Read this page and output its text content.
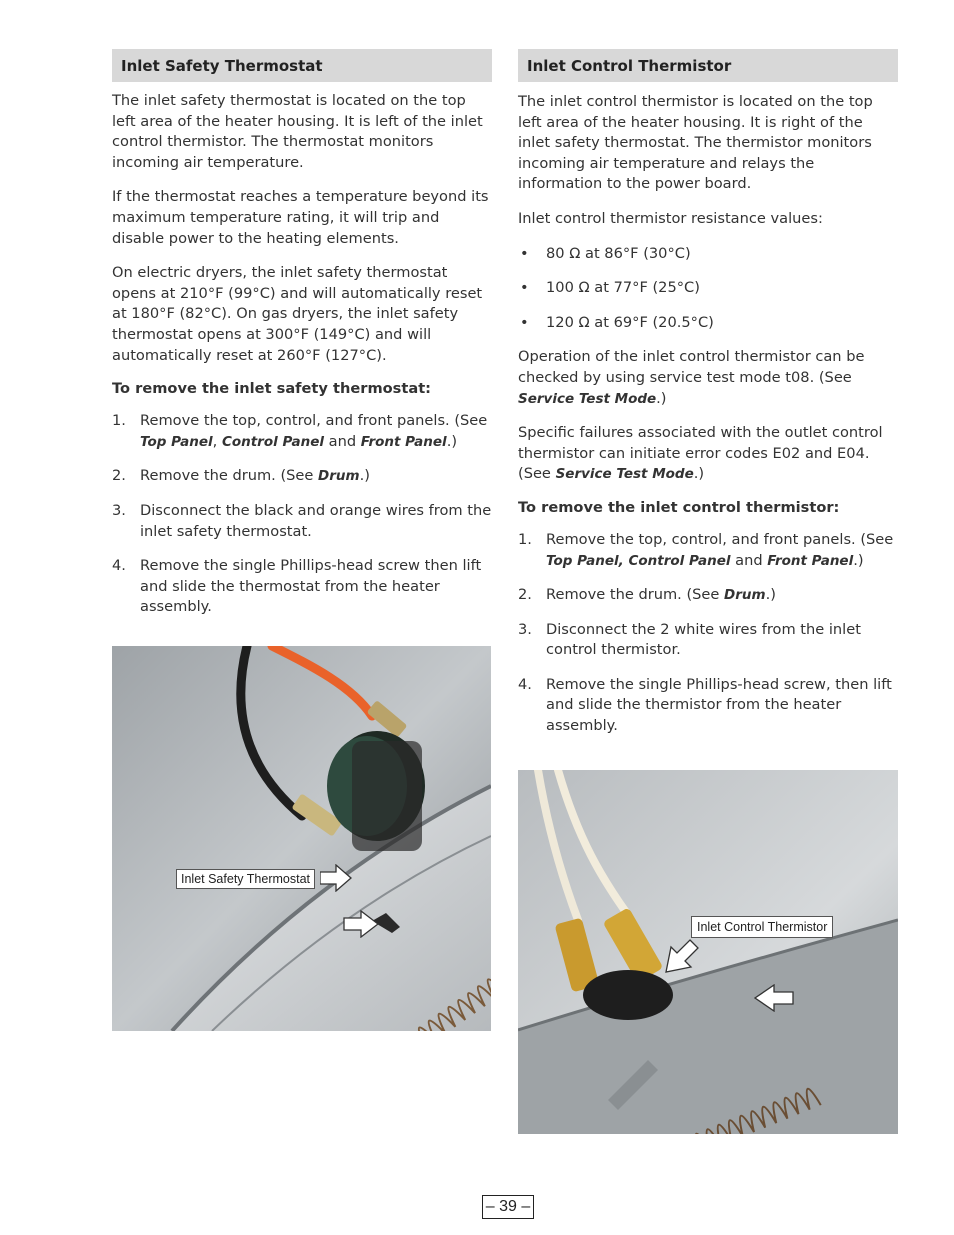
Inlet Safety Thermostat

The inlet safety thermostat is located on the top left area of the heater housing. It is left of the inlet control thermistor. The thermostat monitors incoming air temperature.

If the thermostat reaches a temperature beyond its maximum temperature rating, it will trip and disable power to the heating elements.

On electric dryers, the inlet safety thermostat opens at 210°F (99°C) and will automatically reset at 180°F (82°C). On gas dryers, the inlet safety thermostat opens at 300°F (149°C) and will automatically reset at 260°F (127°C).

To remove the inlet safety thermostat:
1. Remove the top, control, and front panels. (See Top Panel, Control Panel and Front Panel.)
2. Remove the drum. (See Drum.)
3. Disconnect the black and orange wires from the inlet safety thermostat.
4. Remove the single Phillips-head screw then lift and slide the thermostat from the heater assembly.
Inlet Safety Thermostat
Inlet Control Thermistor

The inlet control thermistor is located on the top left area of the heater housing. It is right of the inlet safety thermostat. The thermistor monitors incoming air temperature and relays the information to the power board.

Inlet control thermistor resistance values:

• 80 Ω at 86°F (30°C)
• 100 Ω at 77°F (25°C)
• 120 Ω at 69°F (20.5°C)

Operation of the inlet control thermistor can be checked by using service test mode t08. (See Service Test Mode.)

Specific failures associated with the outlet control thermistor can initiate error codes E02 and E04. (See Service Test Mode.)

To remove the inlet control thermistor:
1. Remove the top, control, and front panels. (See Top Panel, Control Panel and Front Panel.)
2. Remove the drum. (See Drum.)
3. Disconnect the 2 white wires from the inlet control thermistor.
4. Remove the single Phillips-head screw, then lift and slide the thermistor from the heater assembly.
Inlet Control Thermistor
– 39 –
